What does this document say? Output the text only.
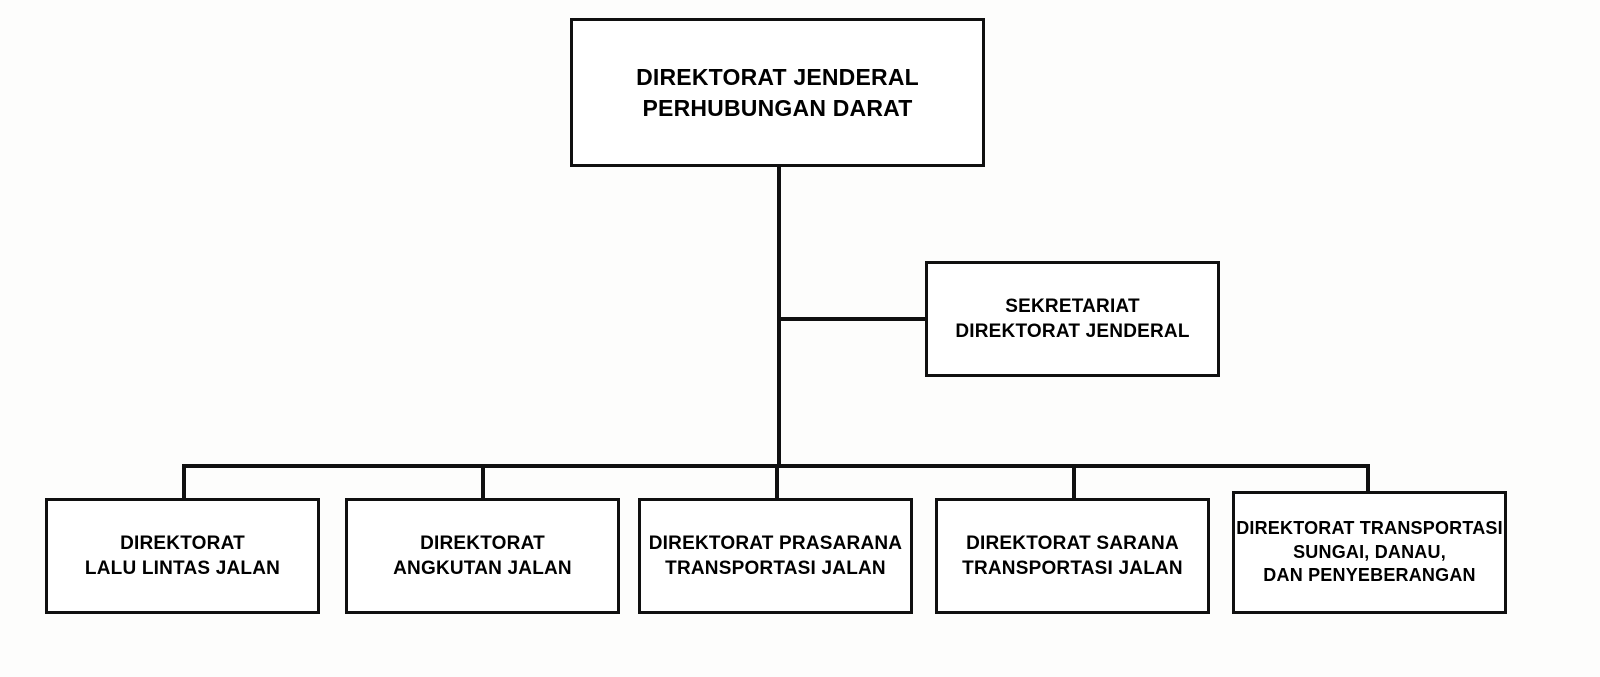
DIREKTORAT JENDERAL
PERHUBUNGAN DARAT
SEKRETARIAT
DIREKTORAT JENDERAL
DIREKTORAT
LALU LINTAS JALAN
DIREKTORAT
ANGKUTAN JALAN
DIREKTORAT PRASARANA
TRANSPORTASI JALAN
DIREKTORAT SARANA
TRANSPORTASI JALAN
DIREKTORAT TRANSPORTASI
SUNGAI, DANAU,
DAN PENYEBERANGAN
